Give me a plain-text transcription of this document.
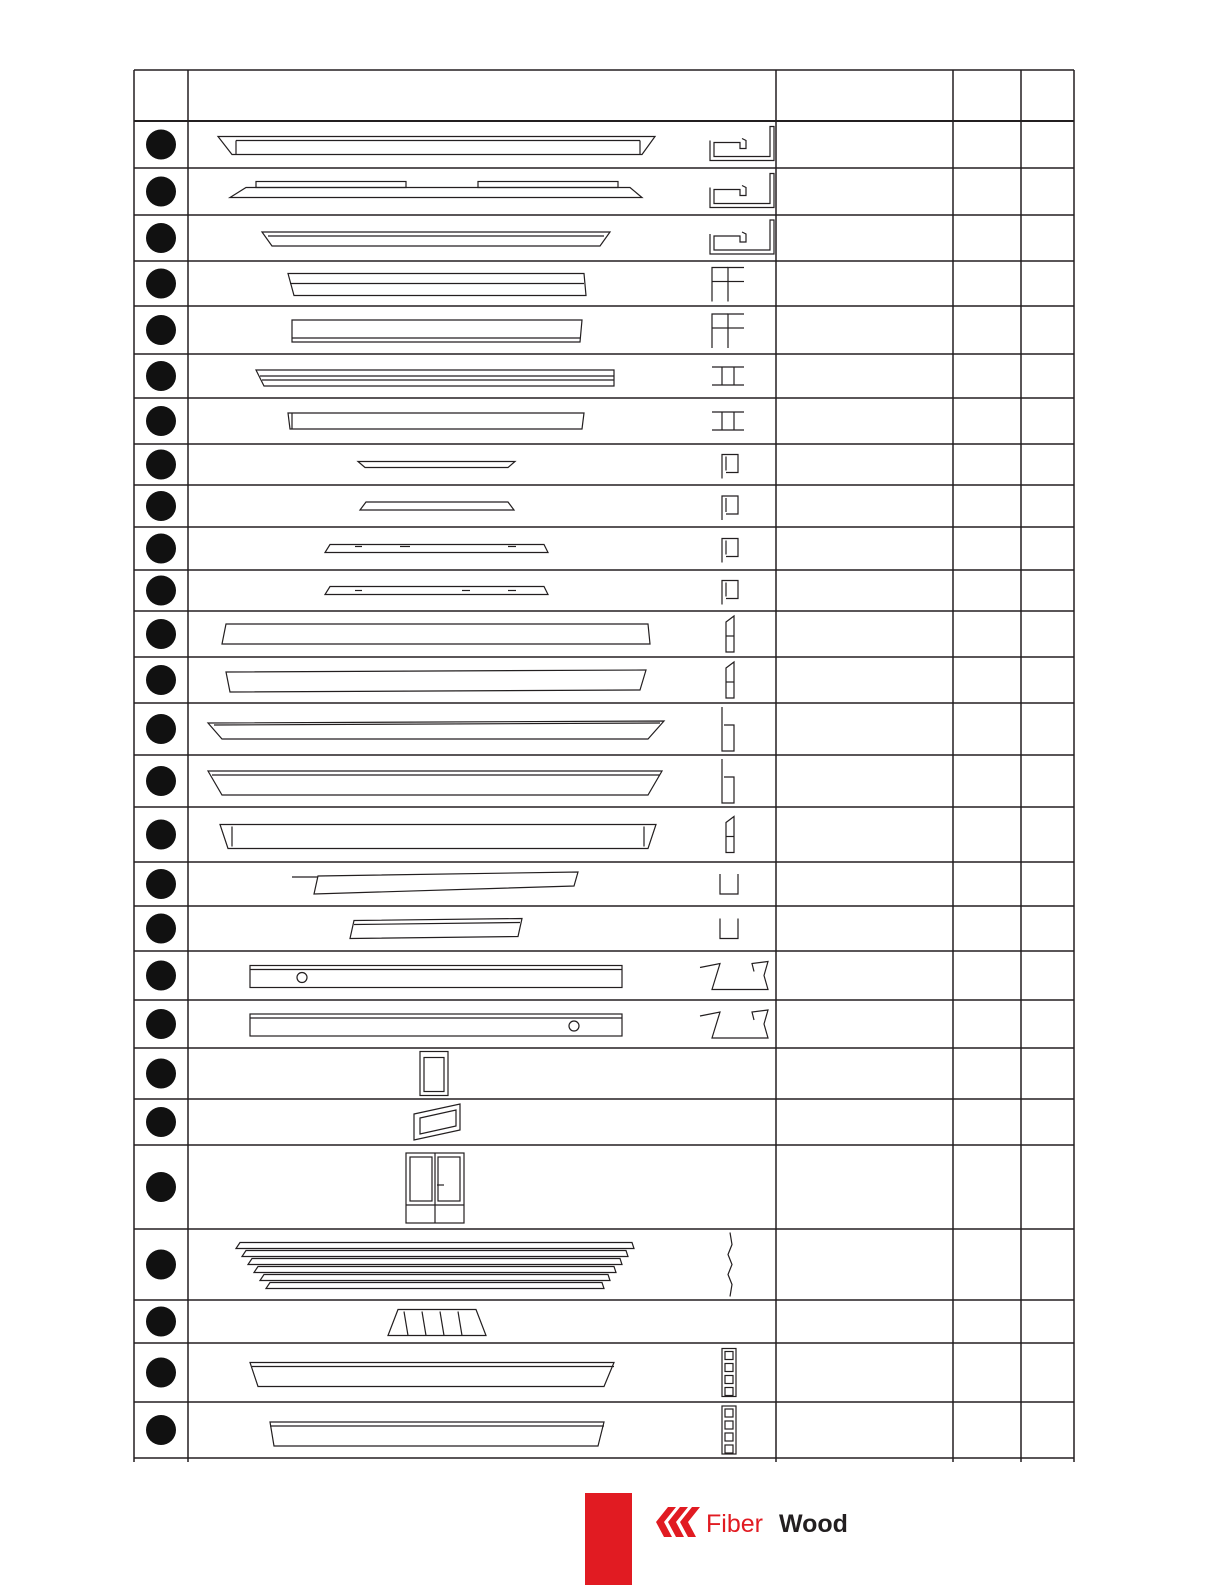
Fiber Wood
